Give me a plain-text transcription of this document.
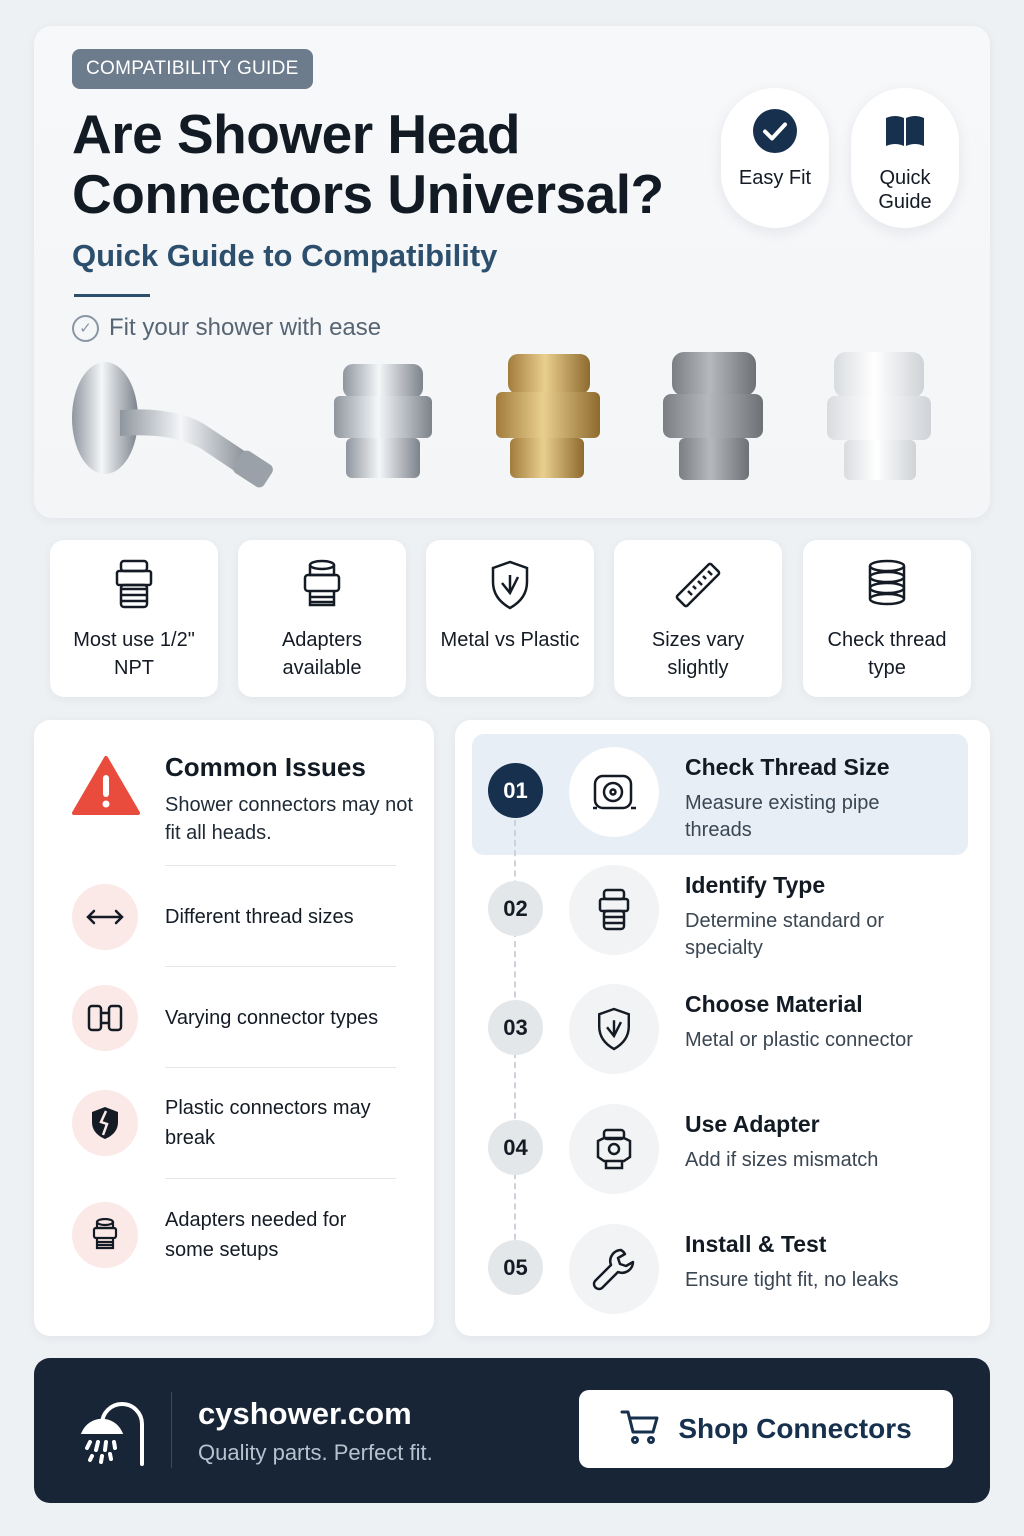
COMPATIBILITY GUIDE
Are Shower Head Connectors Universal?
Quick Guide to Compatibility
✓ Fit your shower with ease
Easy Fit	Quick Guide
Most use 1/2" NPT
Adapters available
Metal vs Plastic	Sizes vary slightly
Check thread type
Common Issues
Shower connectors may not fit all heads.
Different thread sizes
Varying connector types
Plastic connectors may break
Adapters needed for some setups
01
Check Thread Size
Measure existing pipe threads
02
Identify Type
Determine standard or specialty
03
Choose Material
Metal or plastic connector
04
Use Adapter
Add if sizes mismatch
05
Install & Test
Ensure tight fit, no leaks
cyshower.com
Quality parts. Perfect fit.
Shop Connectors
